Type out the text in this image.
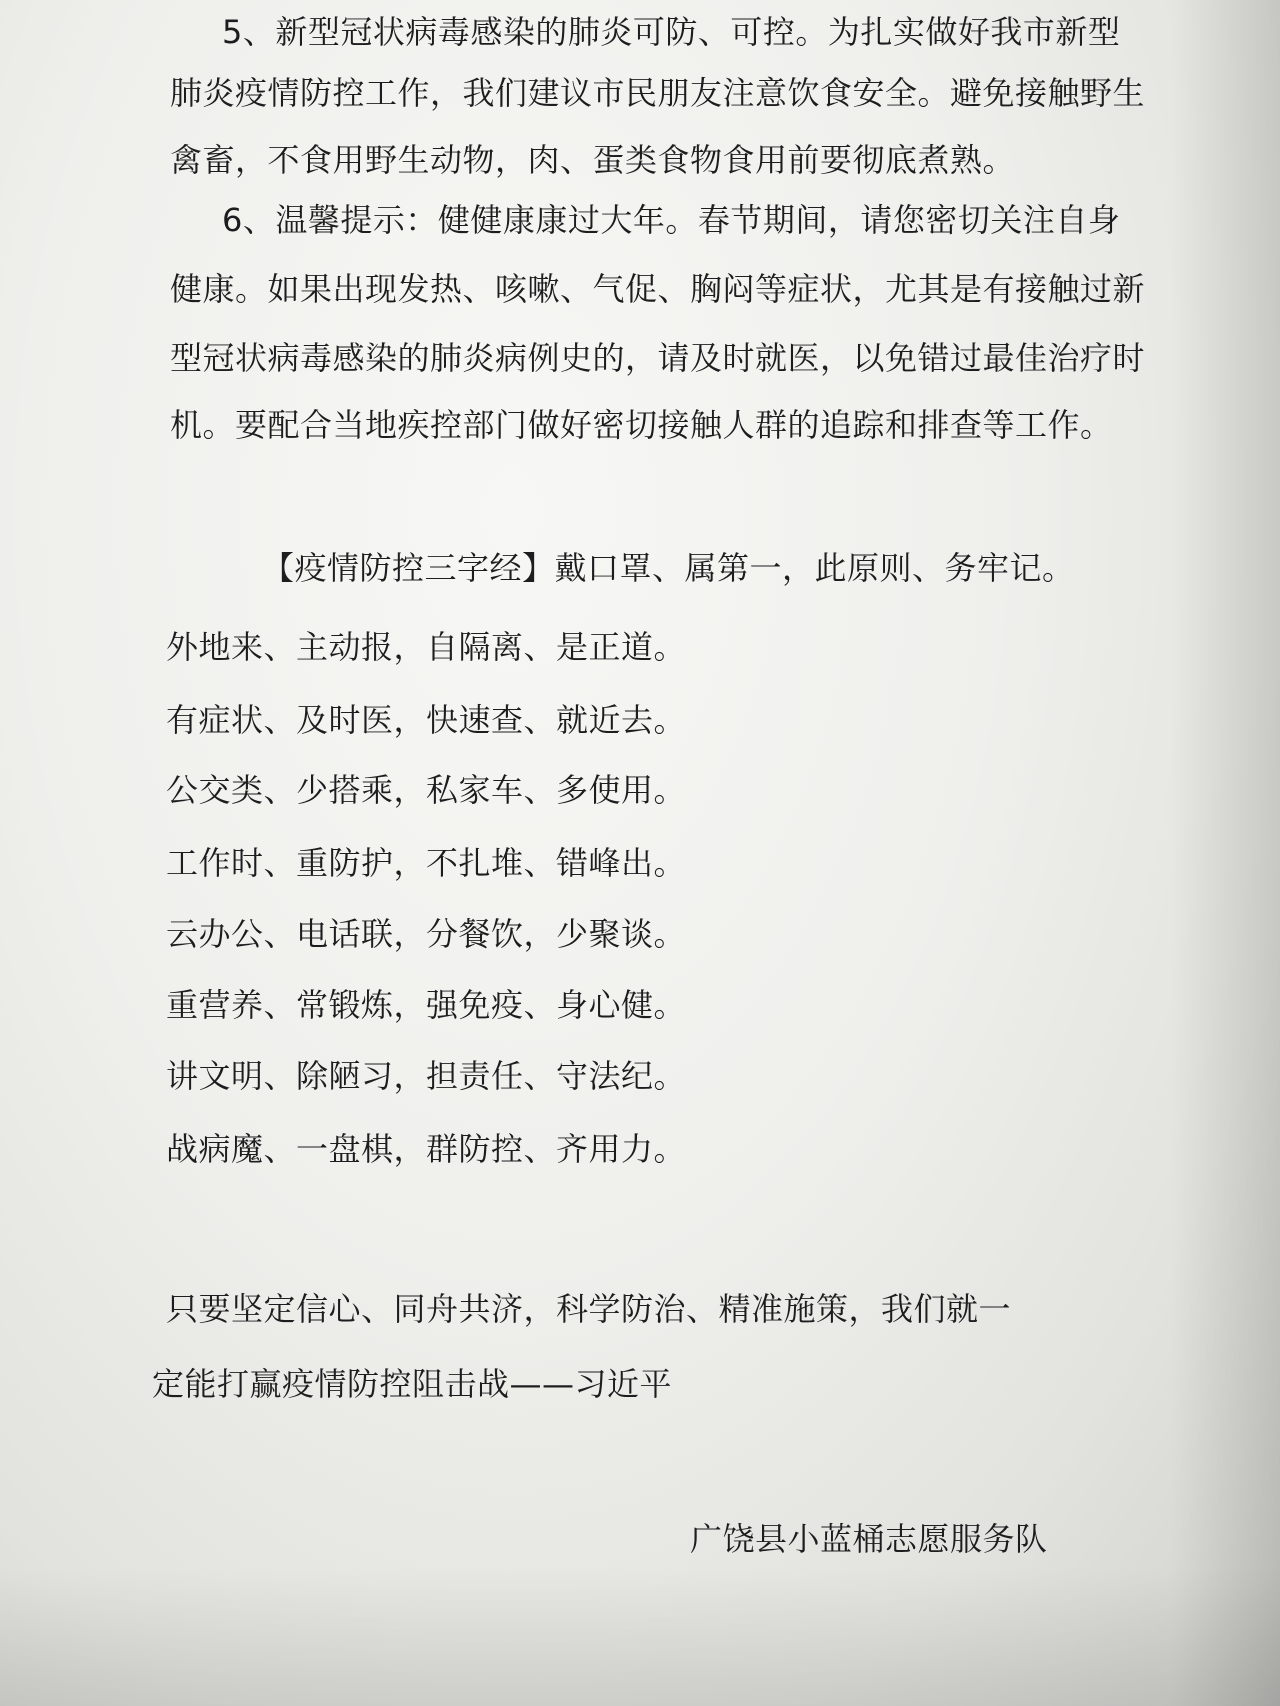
5、新型冠状病毒感染的肺炎可防、可控。为扎实做好我市新型
肺炎疫情防控工作，我们建议市民朋友注意饮食安全。避免接触野生
禽畜，不食用野生动物，肉、蛋类食物食用前要彻底煮熟。
6、温馨提示：健健康康过大年。春节期间，请您密切关注自身
健康。如果出现发热、咳嗽、气促、胸闷等症状，尤其是有接触过新
型冠状病毒感染的肺炎病例史的，请及时就医，以免错过最佳治疗时
机。要配合当地疾控部门做好密切接触人群的追踪和排查等工作。
【疫情防控三字经】戴口罩、属第一，此原则、务牢记。
外地来、主动报，自隔离、是正道。
有症状、及时医，快速查、就近去。
公交类、少搭乘，私家车、多使用。
工作时、重防护，不扎堆、错峰出。
云办公、电话联，分餐饮，少聚谈。
重营养、常锻炼，强免疫、身心健。
讲文明、除陋习，担责任、守法纪。
战病魔、一盘棋，群防控、齐用力。
只要坚定信心、同舟共济，科学防治、精准施策，我们就一
定能打赢疫情防控阻击战——习近平
广饶县小蓝桶志愿服务队
